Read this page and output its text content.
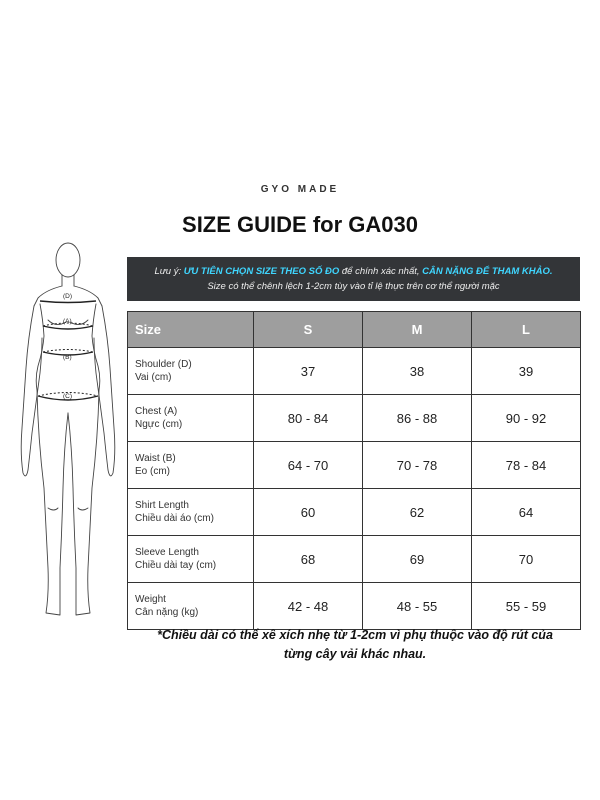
GYO MADE
SIZE GUIDE for GA030
(D)
(A)
(B)
(C)
Lưu ý: ƯU TIÊN CHỌN SIZE THEO SỐ ĐO để chính xác nhất, CÂN NẶNG ĐỂ THAM KHẢO.
Size có thể chênh lệch 1-2cm tùy vào tỉ lệ thực trên cơ thể người mặc
Size	S	M	L

Shoulder (D)
Vai (cm)	37	38	39

Chest (A)
Ngực (cm)	80 - 84	86 - 88	90 - 92

Waist (B)
Eo (cm)	64 - 70	70 - 78	78 - 84

Shirt Length
Chiều dài áo (cm)	60	62	64

Sleeve Length
Chiều dài tay (cm)	68	69	70

Weight
Cân nặng (kg)	42 - 48	48 - 55	55 - 59
*Chiều dài có thể xê xích nhẹ từ 1-2cm vì phụ thuộc vào độ rút của
từng cây vải khác nhau.
